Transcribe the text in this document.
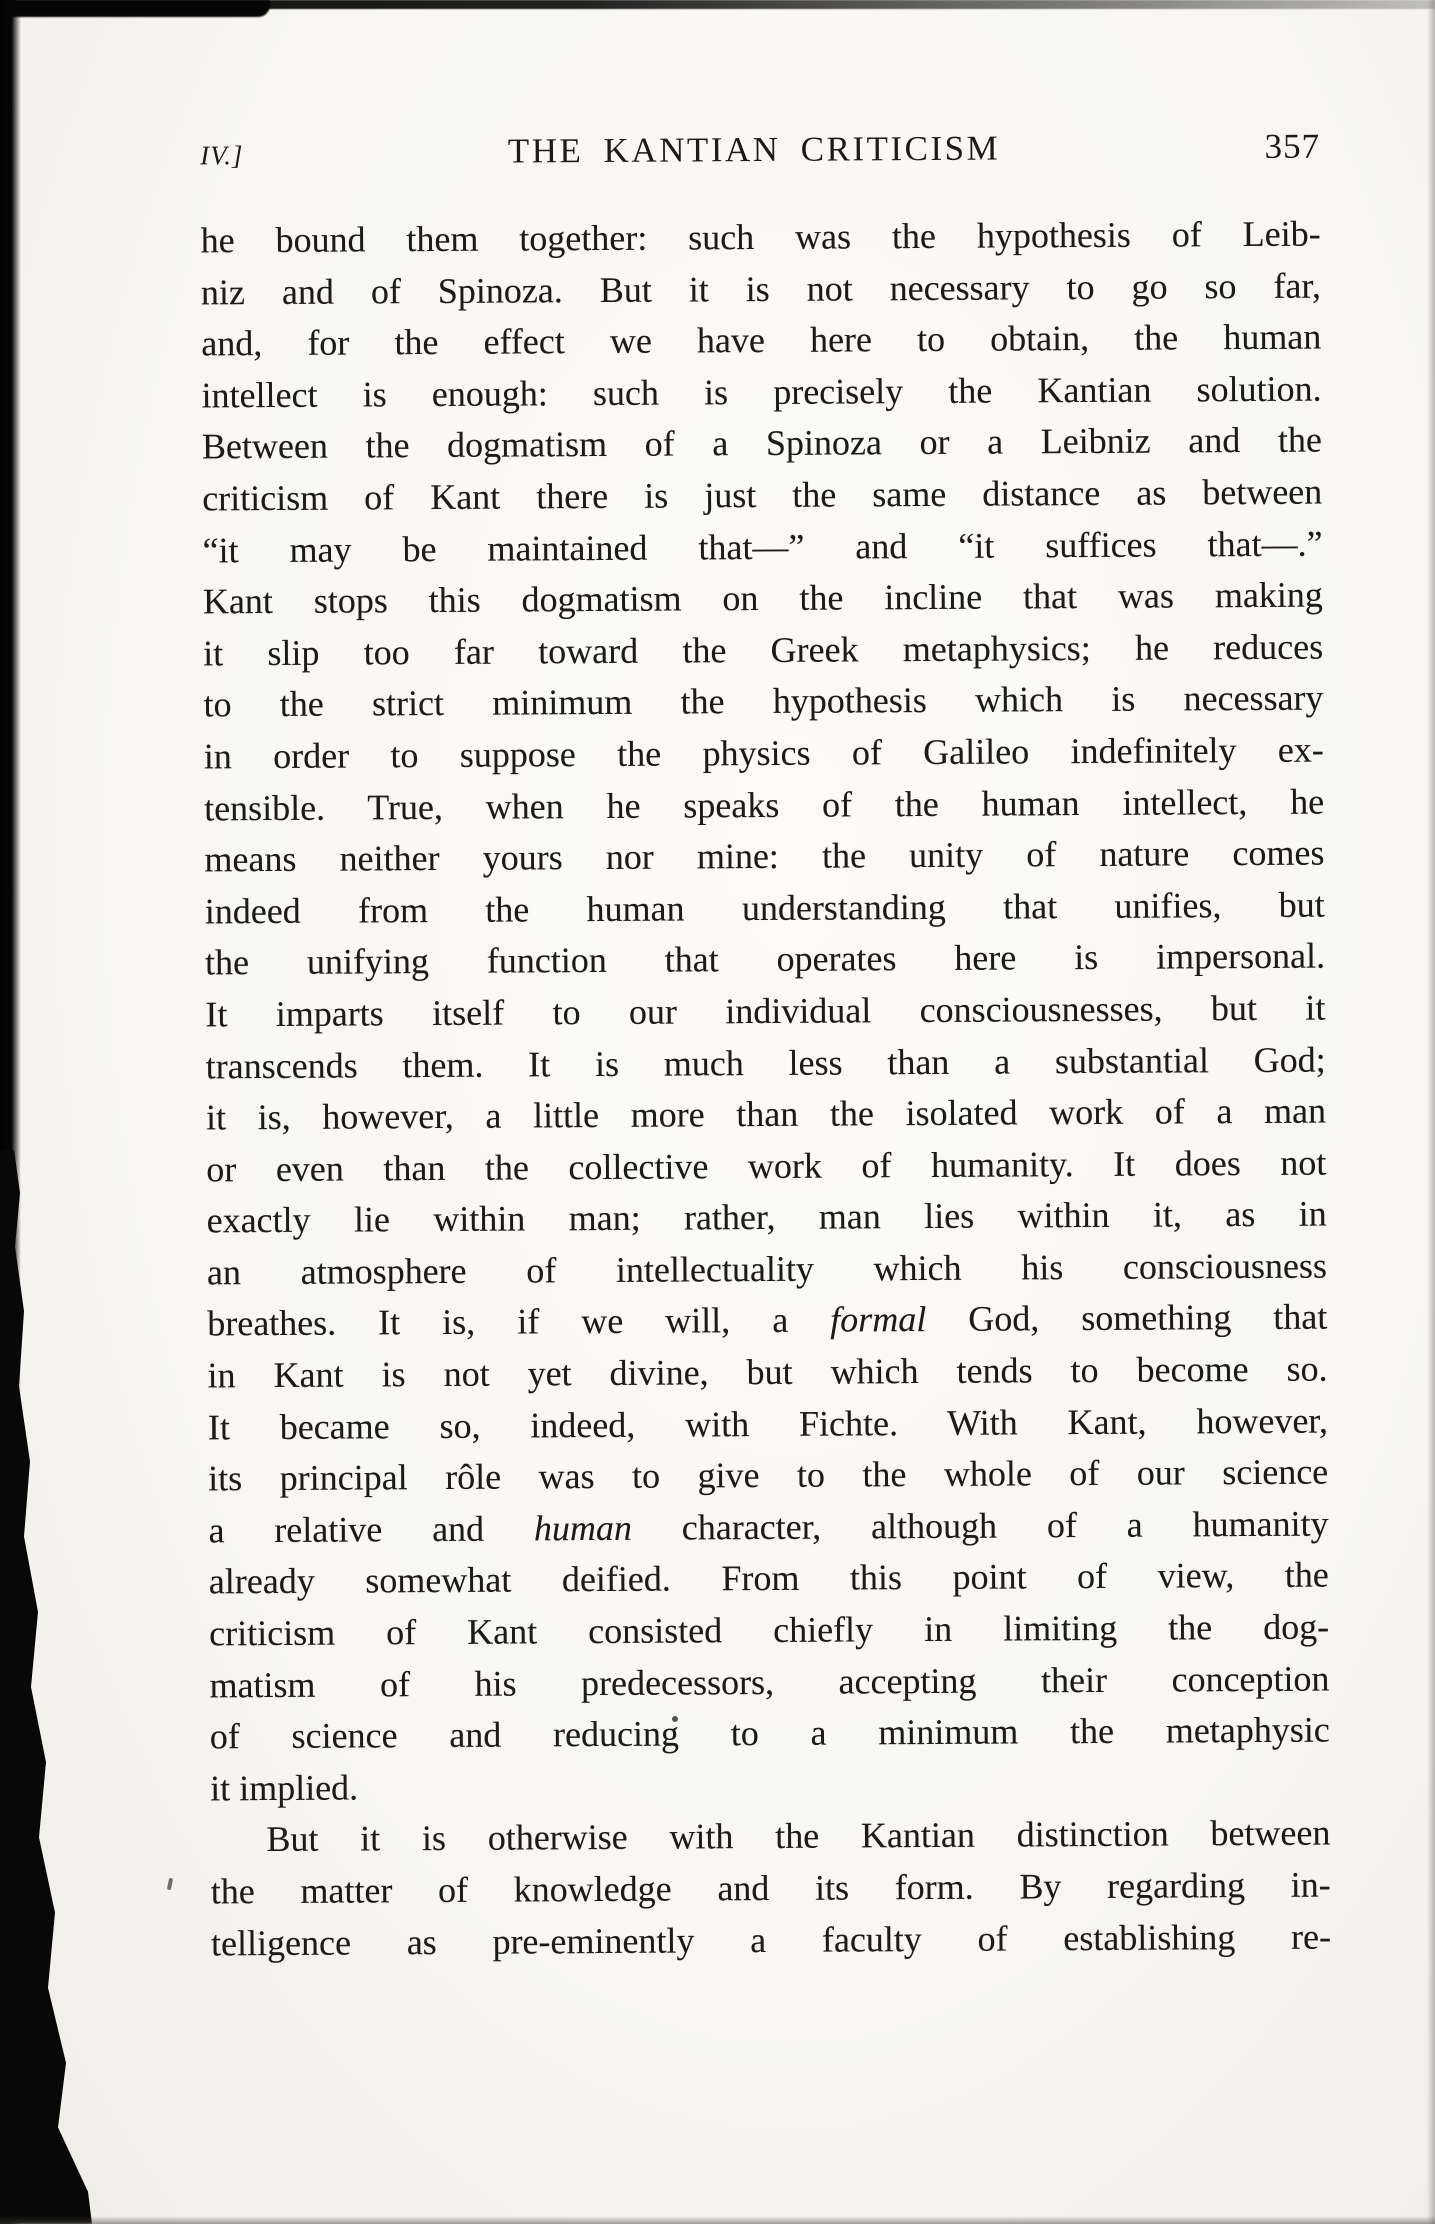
IV.]	THE KANTIAN CRITICISM	357
he bound them together: such was the hypothesis of Leib-
niz and of Spinoza. But it is not necessary to go so far,
and, for the effect we have here to obtain, the human
intellect is enough: such is precisely the Kantian solution.
Between the dogmatism of a Spinoza or a Leibniz and the
criticism of Kant there is just the same distance as between
“it may be maintained that—” and “it suffices that—.”
Kant stops this dogmatism on the incline that was making
it slip too far toward the Greek metaphysics; he reduces
to the strict minimum the hypothesis which is necessary
in order to suppose the physics of Galileo indefinitely ex-
tensible. True, when he speaks of the human intellect, he
means neither yours nor mine: the unity of nature comes
indeed from the human understanding that unifies, but
the unifying function that operates here is impersonal.
It imparts itself to our individual consciousnesses, but it
transcends them. It is much less than a substantial God;
it is, however, a little more than the isolated work of a man
or even than the collective work of humanity. It does not
exactly lie within man; rather, man lies within it, as in
an atmosphere of intellectuality which his consciousness
breathes. It is, if we will, a formal God, something that
in Kant is not yet divine, but which tends to become so.
It became so, indeed, with Fichte. With Kant, however,
its principal rôle was to give to the whole of our science
a relative and human character, although of a humanity
already somewhat deified. From this point of view, the
criticism of Kant consisted chiefly in limiting the dog-
matism of his predecessors, accepting their conception
of science and reducing to a minimum the metaphysic
it implied.
But it is otherwise with the Kantian distinction between
the matter of knowledge and its form. By regarding in-
telligence as pre-eminently a faculty of establishing re-
